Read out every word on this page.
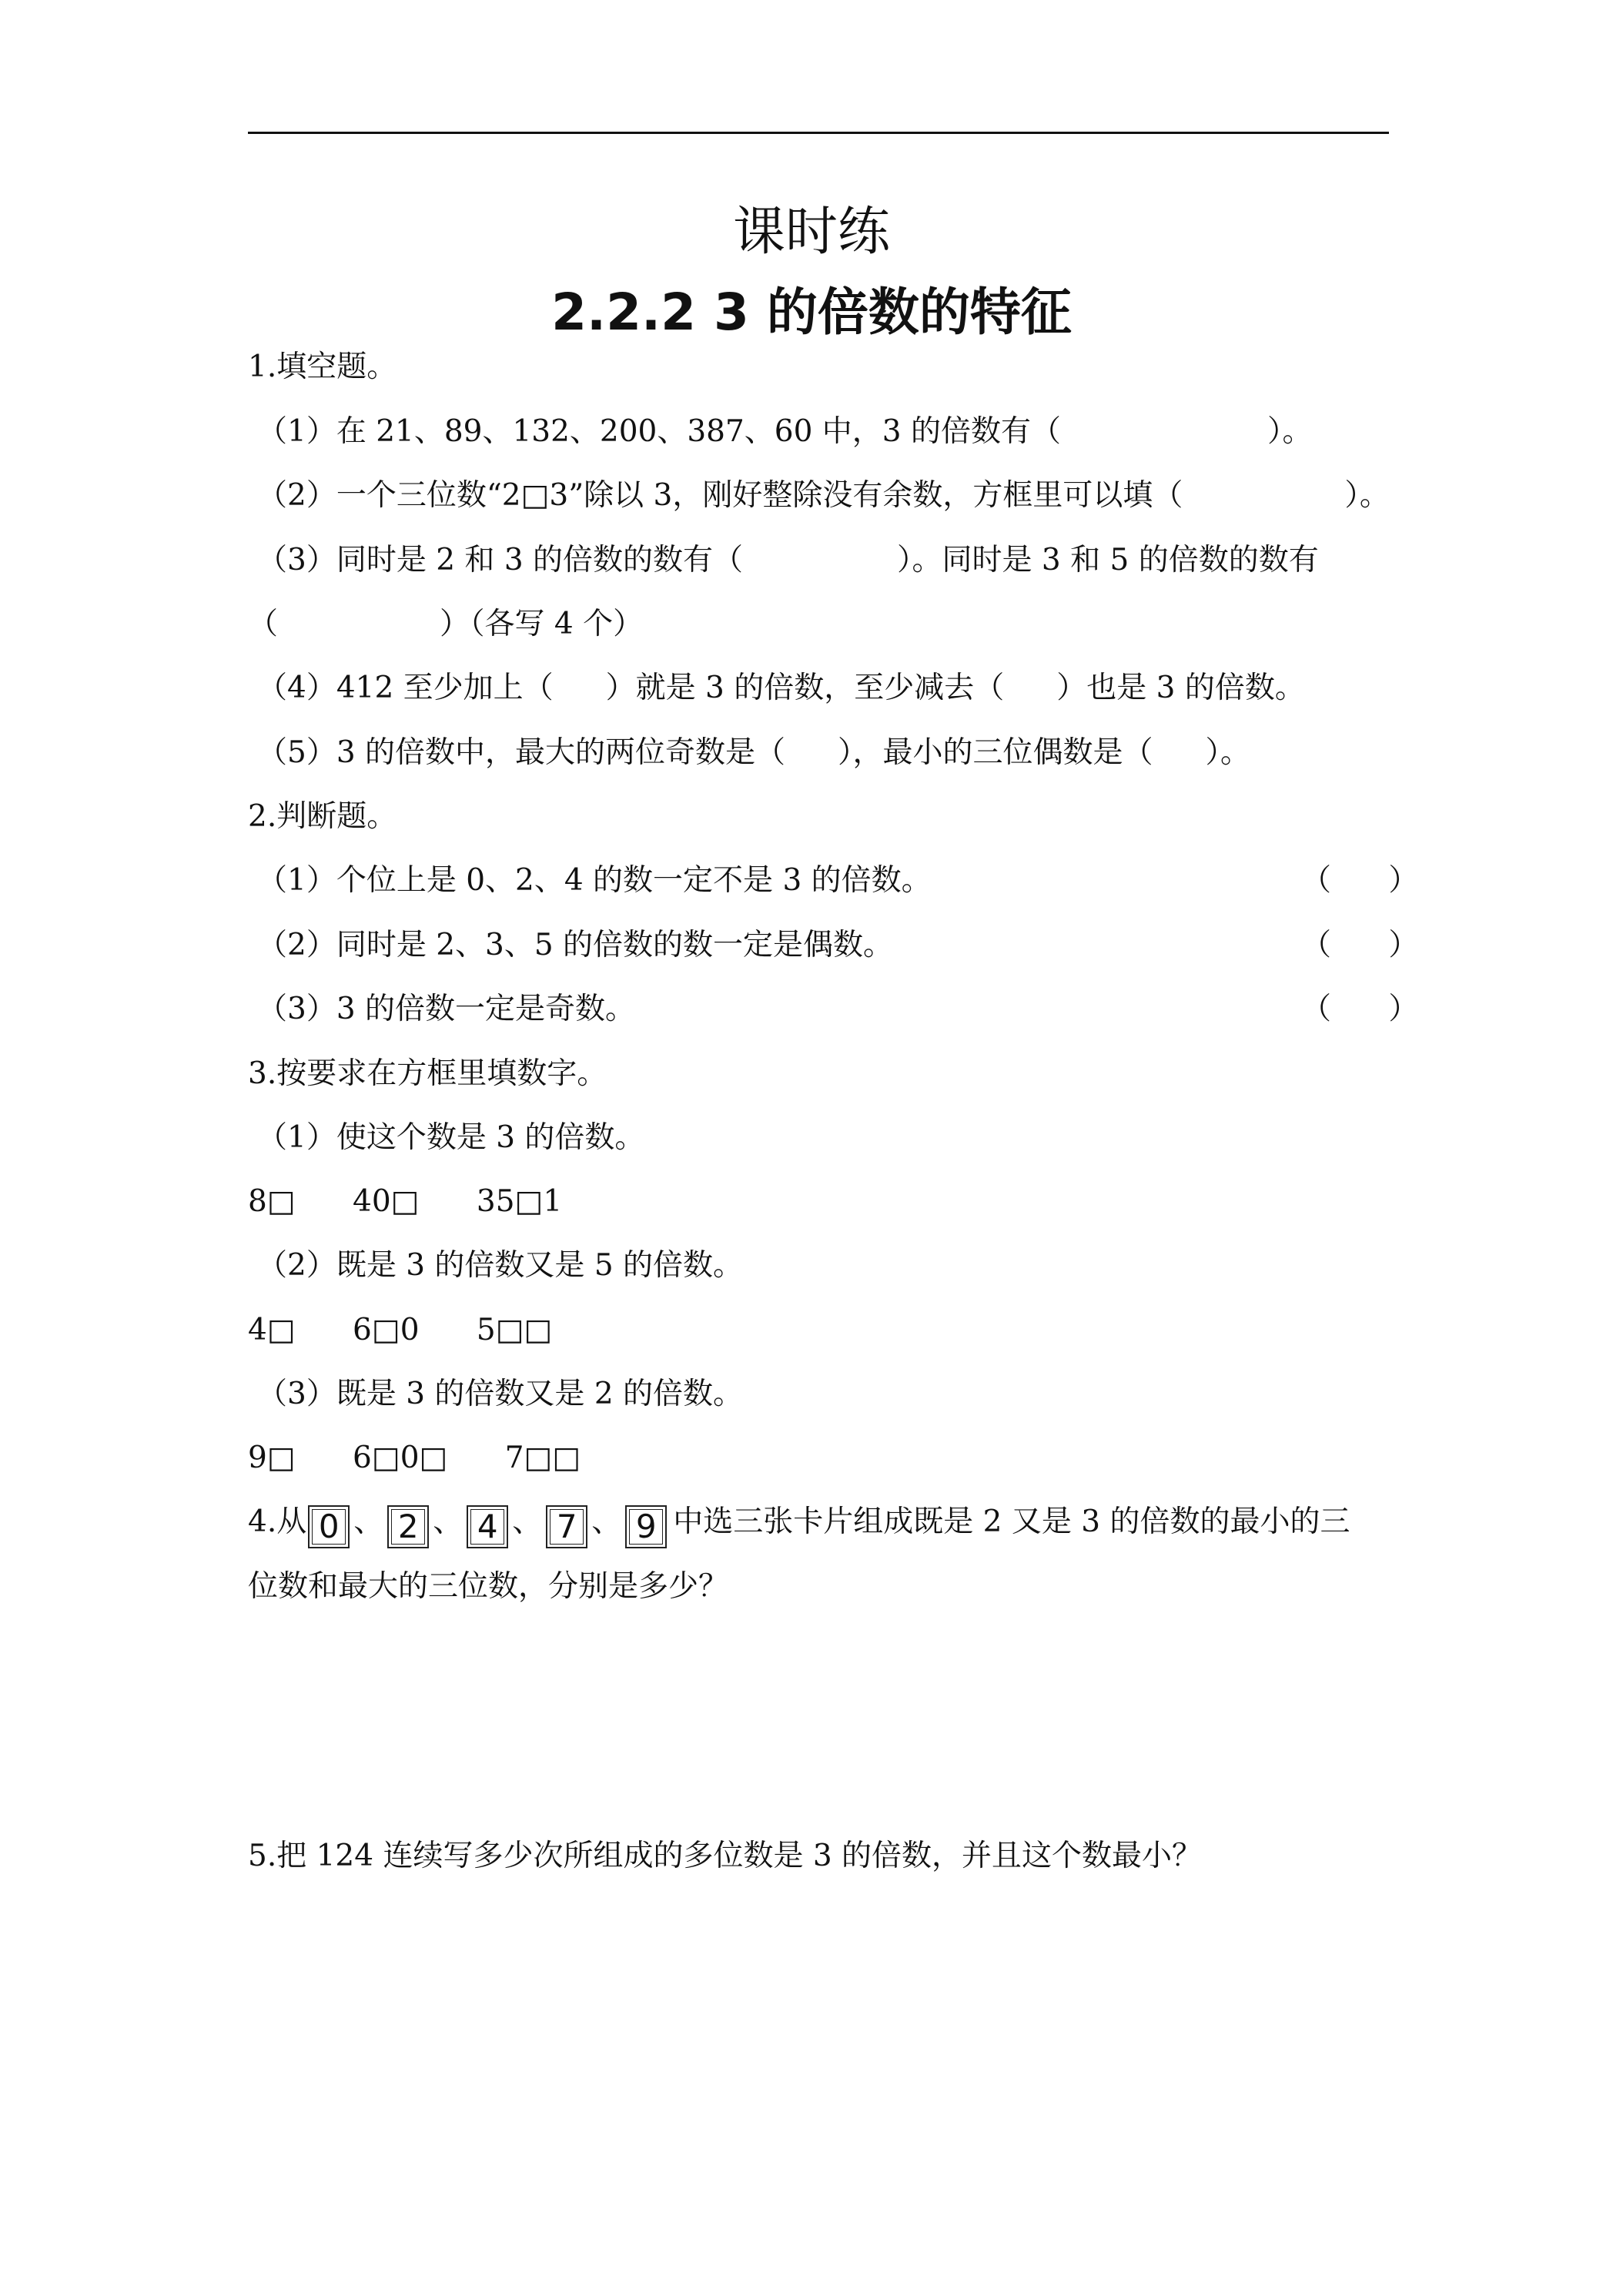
课时练
2.2.2 3 的倍数的特征
1.填空题。
（1）在 21、89、132、200、387、60 中，3 的倍数有（	）。
（2）一个三位数“2□3”除以 3，刚好整除没有余数，方框里可以填（	）。
（3）同时是 2 和 3 的倍数的数有（	）。同时是 3 和 5 的倍数的数有
（	）（各写 4 个）
（4）412 至少加上（ ）就是 3 的倍数，至少减去（ ）也是 3 的倍数。
（5）3 的倍数中，最大的两位奇数是（ ），最小的三位偶数是（ ）。
2.判断题。
（1）个位上是 0、2、4 的数一定不是 3 的倍数。	（      ）
（2）同时是 2、3、5 的倍数的数一定是偶数。	（      ）
（3）3 的倍数一定是奇数。	（      ）
3.按要求在方框里填数字。
（1）使这个数是 3 的倍数。
8□      40□      35□1
（2）既是 3 的倍数又是 5 的倍数。
4□      6□0      5□□
（3）既是 3 的倍数又是 2 的倍数。
9□      6□0□      7□□
4.从 0 、 2 、 4 、 7 、 9 中选三张卡片组成既是 2 又是 3 的倍数的最小的三
位数和最大的三位数，分别是多少？
5.把 124 连续写多少次所组成的多位数是 3 的倍数，并且这个数最小？
